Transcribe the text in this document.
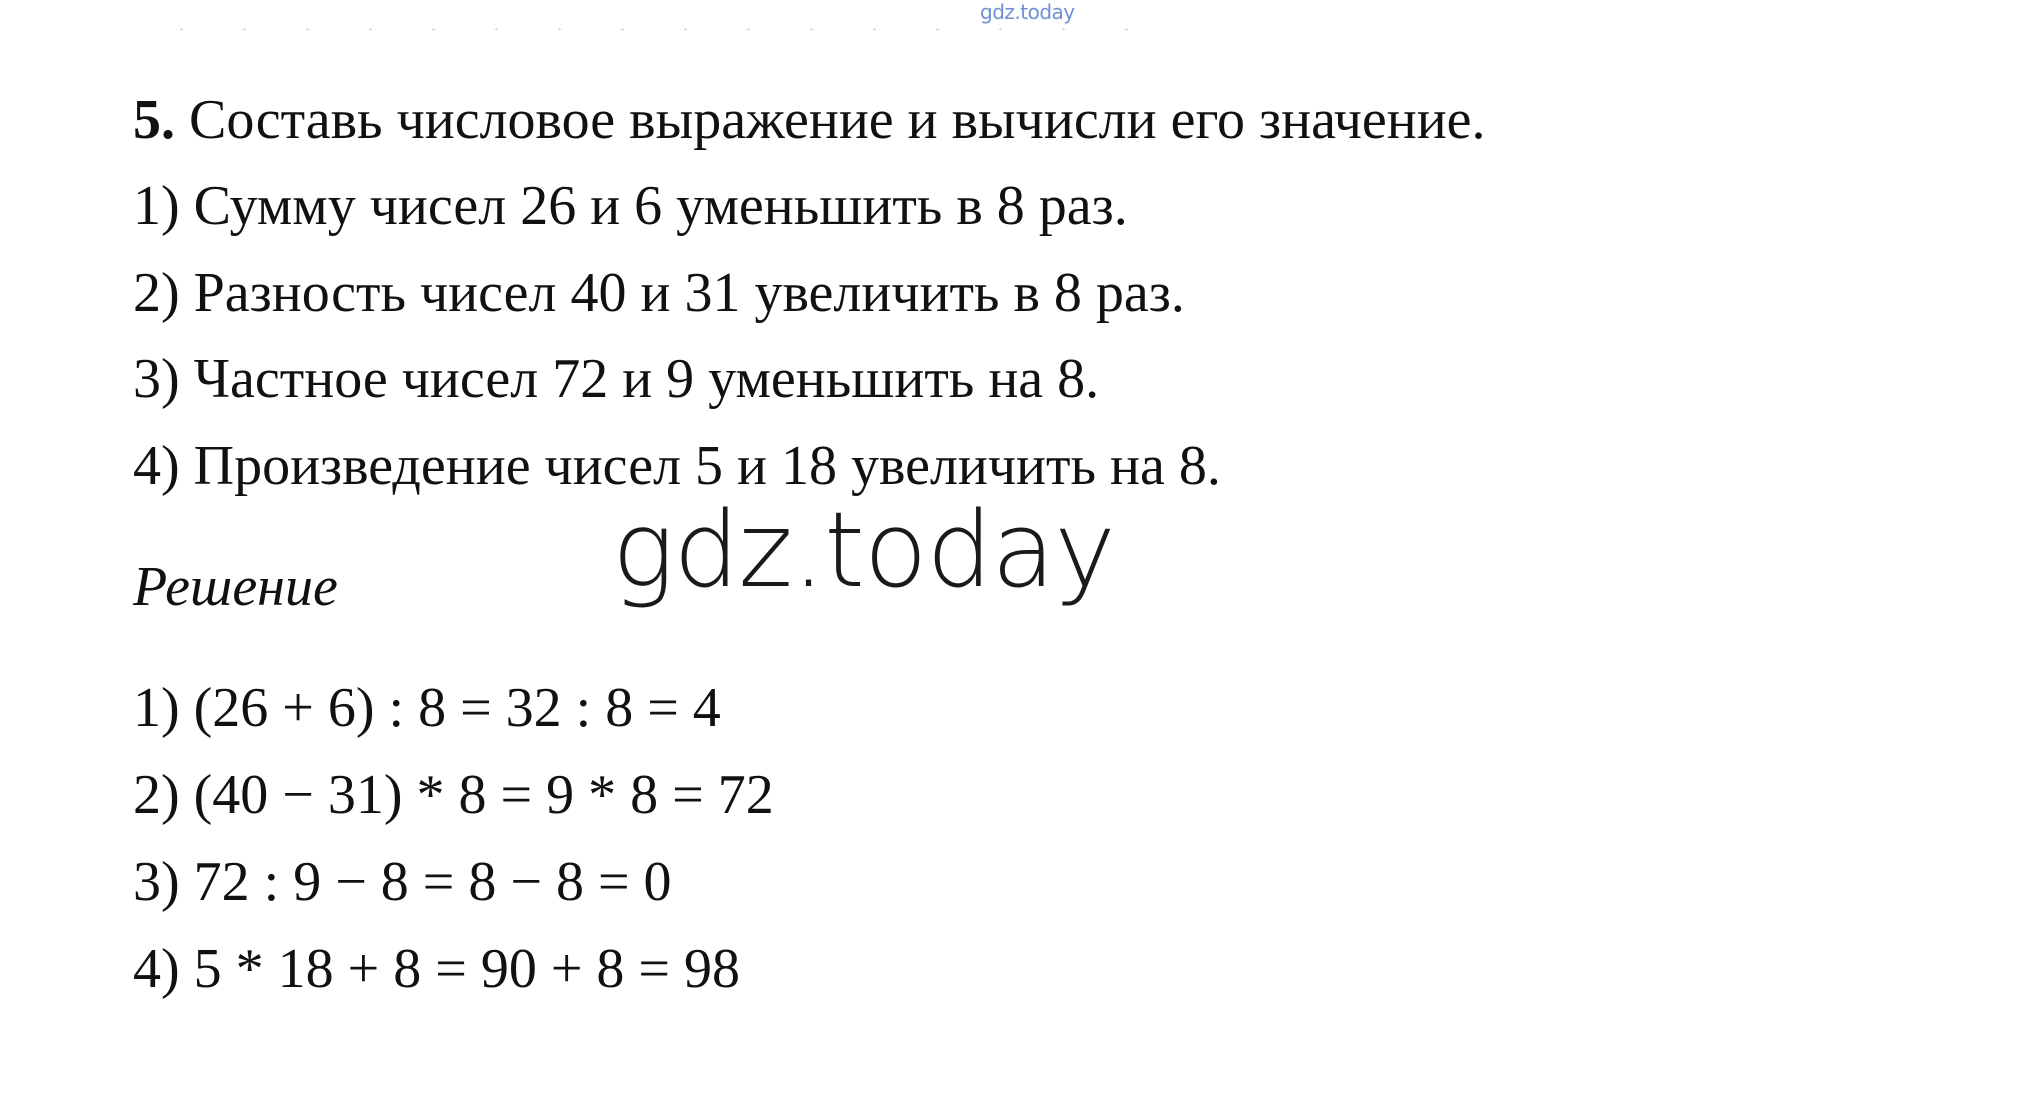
gdz.today
5. Составь числовое выражение и вычисли его значение.
1) Сумму чисел 26 и 6 уменьшить в 8 раз.
2) Разность чисел 40 и 31 увеличить в 8 раз.
3) Частное чисел 72 и 9 уменьшить на 8.
4) Произведение чисел 5 и 18 увеличить на 8.
gdz.today
Решение
1) (26 + 6) : 8 = 32 : 8 = 4
2) (40 − 31) * 8 = 9 * 8 = 72
3) 72 : 9 − 8 = 8 − 8 = 0
4) 5 * 18 + 8 = 90 + 8 = 98
